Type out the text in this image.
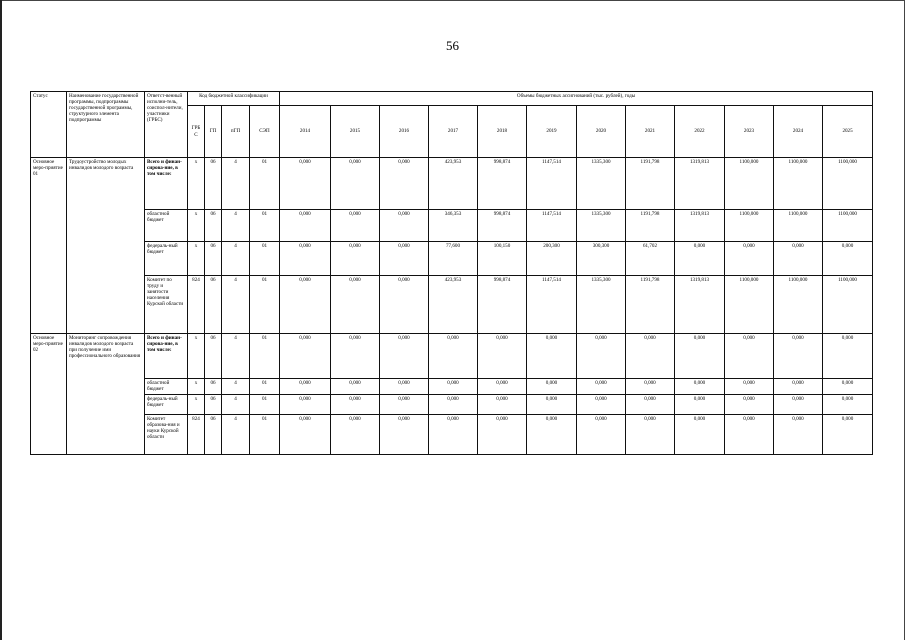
56
Статус	Наименование государственной программы, подпрограммы государственной программы, структурного элемента подпрограммы	Ответст-венный исполни-тель, соиспол-нители, участники (ГРБС)	Код бюджетной классификации				Объемы бюджетных ассигнований (тыс. рублей), годы											
			ГРБ С	ГП	пГП	СЭП	2014	2015	2016	2017	2018	2019	2020	2021	2022	2023	2024	2025
Основное меро-приятие 01	Трудоустройство молодых инвалидов молодого возраста	Всего и финан-сирова-ние, в том числе:	х	06	4	01	0,000	0,000	0,000	423,953	998,874	1147,514	1335,300	1191,798	1319,813	1100,000	1100,000	1100,000
		областной бюджет	х	06	4	01	0,000	0,000	0,000	346,353	998,874	1147,514	1335,300	1191,798	1319,813	1100,000	1100,000	1100,000
		федераль-ный бюджет	х	06	4	01	0,000	0,000	0,000	77,600	100,150	200,300	300,300	61,702	0,000	0,000	0,000	0,000
		Комитет по труду и занятости населения Курской области	824	06	4	01	0,000	0,000	0,000	423,953	998,874	1147,514	1335,300	1191,798	1319,813	1100,000	1100,000	1100,000
Основное меро-приятие 02	Мониторинг сопровождения инвалидов молодого возраста при получение ими профессионального образования	Всего и финан-сирова-ние, в том числе:	х	06	4	01	0,000	0,000	0,000	0,000	0,000	0,000	0,000	0,000	0,000	0,000	0,000	0,000
		областной бюджет	х	06	4	01	0,000	0,000	0,000	0,000	0,000	0,000	0,000	0,000	0,000	0,000	0,000	0,000
		федераль-ный бюджет	х	06	4	01	0,000	0,000	0,000	0,000	0,000	0,000	0,000	0,000	0,000	0,000	0,000	0,000
		Комитет образова-ния и науки Курской области	824	06	4	01	0,000	0,000	0,000	0,000	0,000	0,000	0,000	0,000	0,000	0,000	0,000	0,000
